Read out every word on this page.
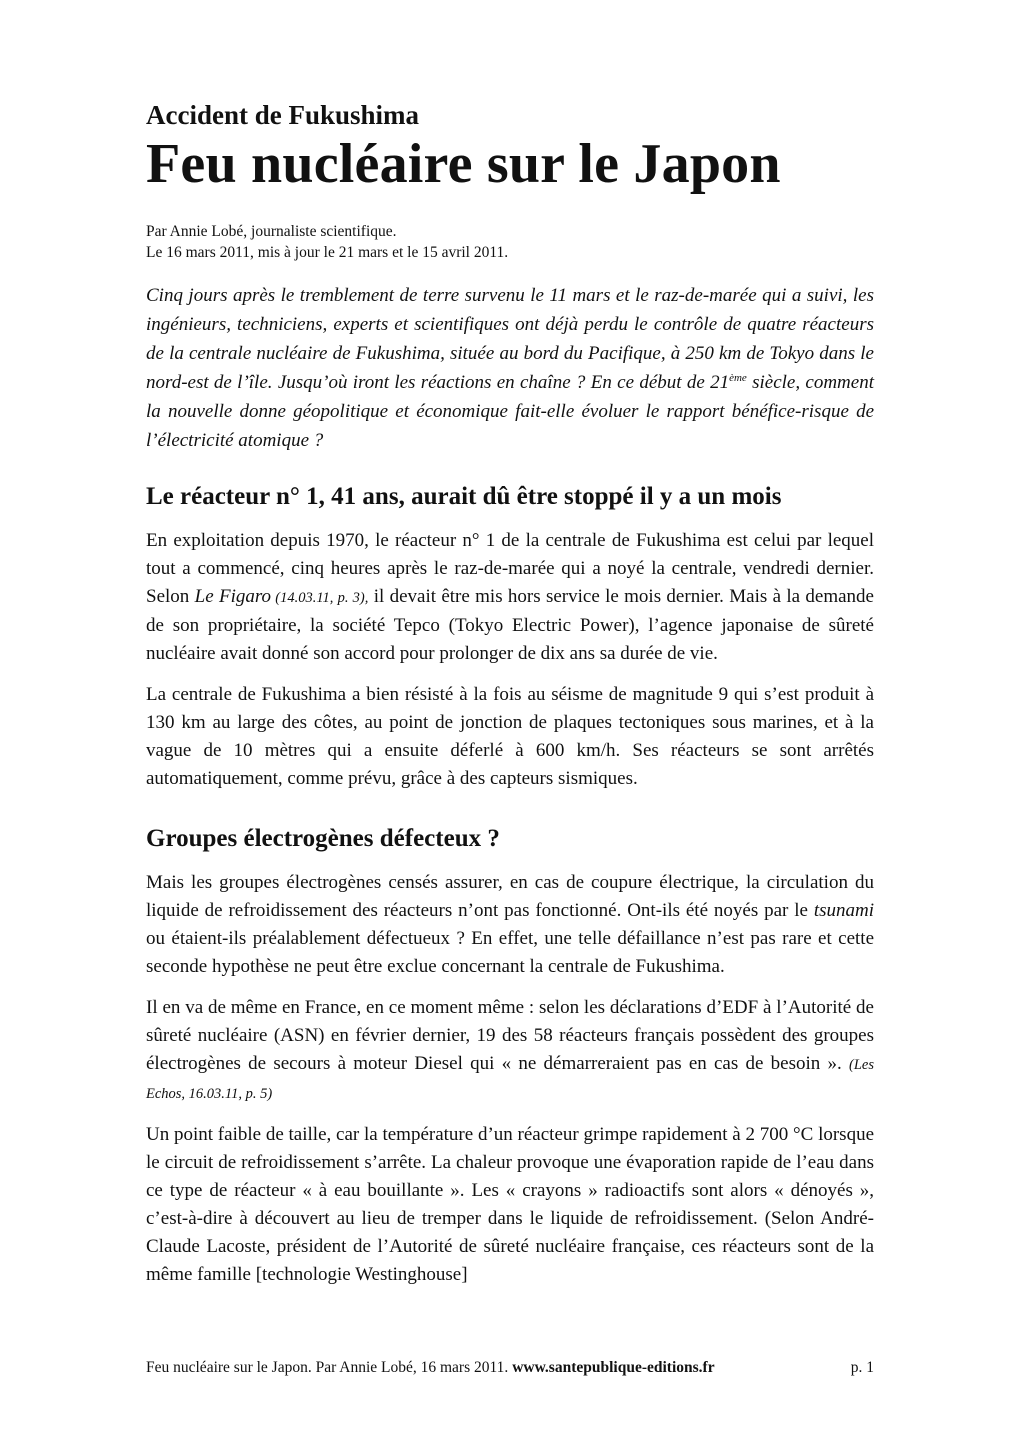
Accident de Fukushima
Feu nucléaire sur le Japon
Par Annie Lobé, journaliste scientifique.
Le 16 mars 2011, mis à jour le 21 mars et le 15 avril 2011.

Cinq jours après le tremblement de terre survenu le 11 mars et le raz-de-marée qui a suivi, les ingénieurs, techniciens, experts et scientifiques ont déjà perdu le contrôle de quatre réacteurs de la centrale nucléaire de Fukushima, située au bord du Pacifique, à 250 km de Tokyo dans le nord-est de l’île. Jusqu’où iront les réactions en chaîne ? En ce début de 21ème siècle, comment la nouvelle donne géopolitique et économique fait-elle évoluer le rapport bénéfice-risque de l’électricité atomique ?

Le réacteur n° 1, 41 ans, aurait dû être stoppé il y a un mois

En exploitation depuis 1970, le réacteur n° 1 de la centrale de Fukushima est celui par lequel tout a commencé, cinq heures après le raz-de-marée qui a noyé la centrale, vendredi dernier. Selon Le Figaro (14.03.11, p. 3), il devait être mis hors service le mois dernier. Mais à la demande de son propriétaire, la société Tepco (Tokyo Electric Power), l’agence japonaise de sûreté nucléaire avait donné son accord pour prolonger de dix ans sa durée de vie.

La centrale de Fukushima a bien résisté à la fois au séisme de magnitude 9 qui s’est produit à 130 km au large des côtes, au point de jonction de plaques tectoniques sous marines, et à la vague de 10 mètres qui a ensuite déferlé à 600 km/h. Ses réacteurs se sont arrêtés automatiquement, comme prévu, grâce à des capteurs sismiques.

Groupes électrogènes défecteux ?

Mais les groupes électrogènes censés assurer, en cas de coupure électrique, la circulation du liquide de refroidissement des réacteurs n’ont pas fonctionné. Ont-ils été noyés par le tsunami ou étaient-ils préalablement défectueux ? En effet, une telle défaillance n’est pas rare et cette seconde hypothèse ne peut être exclue concernant la centrale de Fukushima.

Il en va de même en France, en ce moment même : selon les déclarations d’EDF à l’Autorité de sûreté nucléaire (ASN) en février dernier, 19 des 58 réacteurs français possèdent des groupes électrogènes de secours à moteur Diesel qui « ne démarreraient pas en cas de besoin ». (Les Echos, 16.03.11, p. 5)

Un point faible de taille, car la température d’un réacteur grimpe rapidement à 2 700 °C lorsque le circuit de refroidissement s’arrête. La chaleur provoque une évaporation rapide de l’eau dans ce type de réacteur « à eau bouillante ». Les « crayons » radioactifs sont alors « dénoyés », c’est-à-dire à découvert au lieu de tremper dans le liquide de refroidissement. (Selon André-Claude Lacoste, président de l’Autorité de sûreté nucléaire française, ces réacteurs sont de la même famille [technologie Westinghouse]

Feu nucléaire sur le Japon. Par Annie Lobé, 16 mars 2011. www.santepublique-editions.fr	p. 1
